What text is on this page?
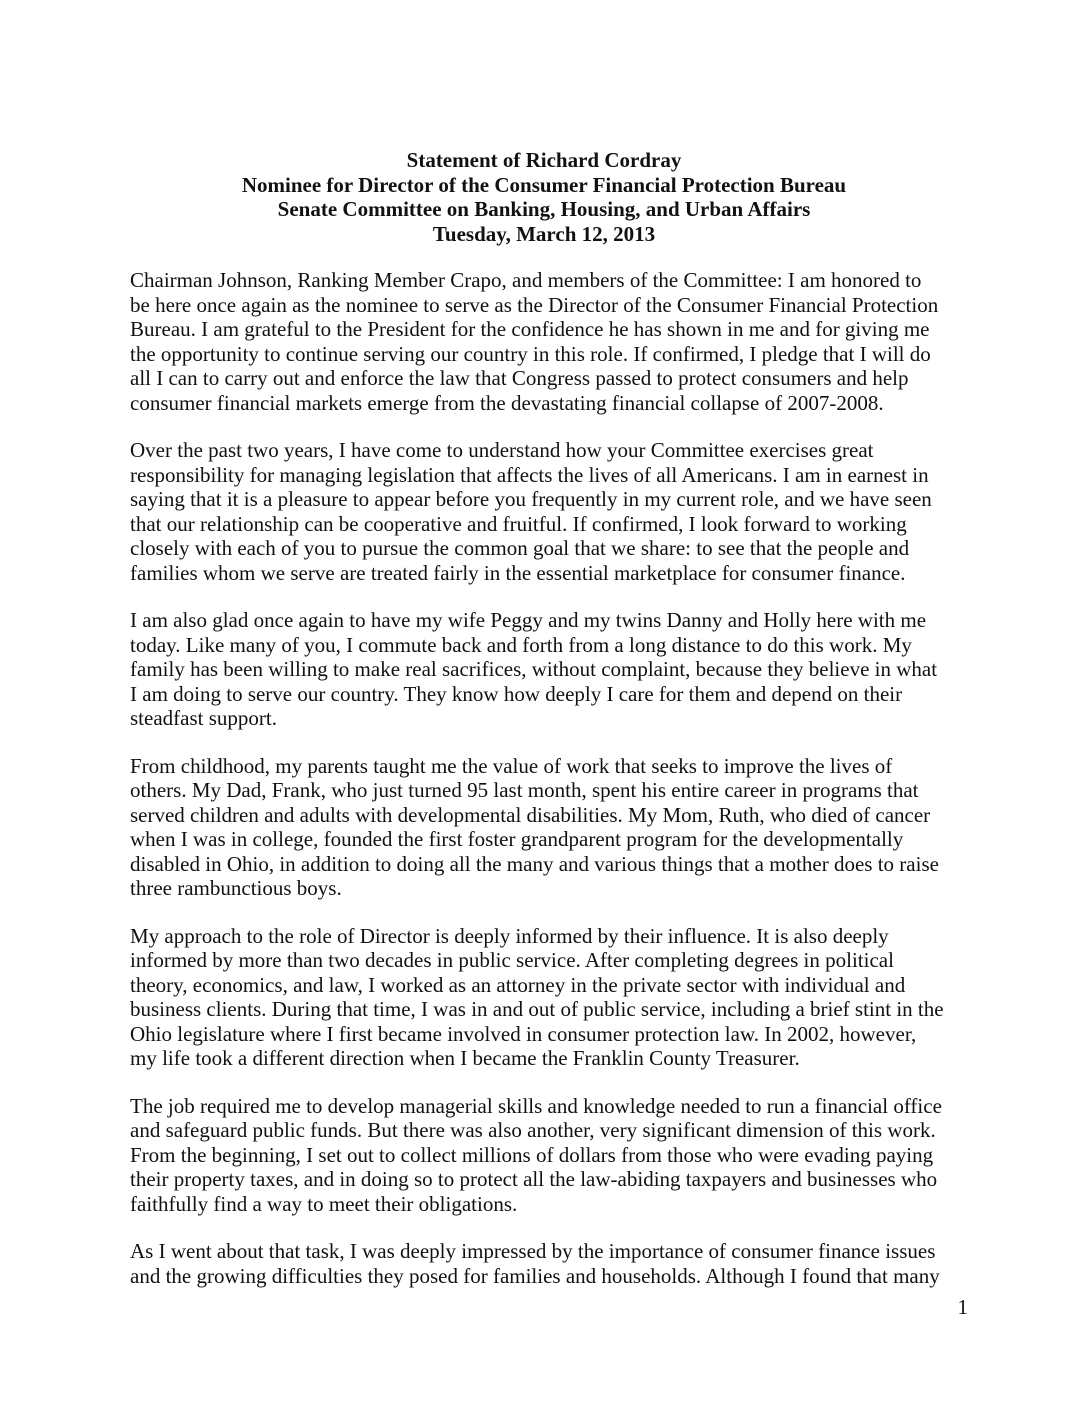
Statement of Richard Cordray
Nominee for Director of the Consumer Financial Protection Bureau
Senate Committee on Banking, Housing, and Urban Affairs
Tuesday, March 12, 2013
Chairman Johnson, Ranking Member Crapo, and members of the Committee: I am honored to
be here once again as the nominee to serve as the Director of the Consumer Financial Protection
Bureau. I am grateful to the President for the confidence he has shown in me and for giving me
the opportunity to continue serving our country in this role. If confirmed, I pledge that I will do
all I can to carry out and enforce the law that Congress passed to protect consumers and help
consumer financial markets emerge from the devastating financial collapse of 2007-2008.
Over the past two years, I have come to understand how your Committee exercises great
responsibility for managing legislation that affects the lives of all Americans. I am in earnest in
saying that it is a pleasure to appear before you frequently in my current role, and we have seen
that our relationship can be cooperative and fruitful. If confirmed, I look forward to working
closely with each of you to pursue the common goal that we share: to see that the people and
families whom we serve are treated fairly in the essential marketplace for consumer finance.
I am also glad once again to have my wife Peggy and my twins Danny and Holly here with me
today. Like many of you, I commute back and forth from a long distance to do this work. My
family has been willing to make real sacrifices, without complaint, because they believe in what
I am doing to serve our country. They know how deeply I care for them and depend on their
steadfast support.
From childhood, my parents taught me the value of work that seeks to improve the lives of
others. My Dad, Frank, who just turned 95 last month, spent his entire career in programs that
served children and adults with developmental disabilities. My Mom, Ruth, who died of cancer
when I was in college, founded the first foster grandparent program for the developmentally
disabled in Ohio, in addition to doing all the many and various things that a mother does to raise
three rambunctious boys.
My approach to the role of Director is deeply informed by their influence. It is also deeply
informed by more than two decades in public service. After completing degrees in political
theory, economics, and law, I worked as an attorney in the private sector with individual and
business clients. During that time, I was in and out of public service, including a brief stint in the
Ohio legislature where I first became involved in consumer protection law. In 2002, however,
my life took a different direction when I became the Franklin County Treasurer.
The job required me to develop managerial skills and knowledge needed to run a financial office
and safeguard public funds. But there was also another, very significant dimension of this work.
From the beginning, I set out to collect millions of dollars from those who were evading paying
their property taxes, and in doing so to protect all the law-abiding taxpayers and businesses who
faithfully find a way to meet their obligations.
As I went about that task, I was deeply impressed by the importance of consumer finance issues
and the growing difficulties they posed for families and households. Although I found that many
1
